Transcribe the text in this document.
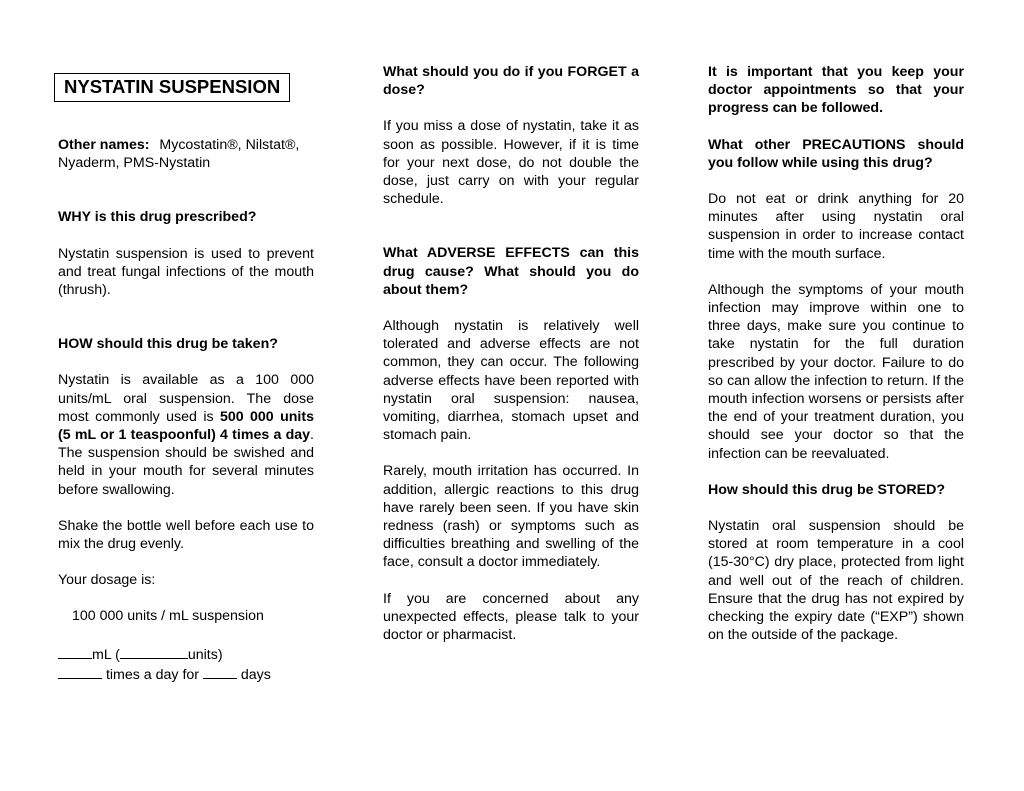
NYSTATIN SUSPENSION

Other names: Mycostatin®, Nilstat®, Nyaderm, PMS-Nystatin

WHY is this drug prescribed?

Nystatin suspension is used to prevent and treat fungal infections of the mouth (thrush).

HOW should this drug be taken?

Nystatin is available as a 100 000 units/mL oral suspension. The dose most commonly used is 500 000 units (5 mL or 1 teaspoonful) 4 times a day. The suspension should be swished and held in your mouth for several minutes before swallowing.

Shake the bottle well before each use to mix the drug evenly.

Your dosage is:

100 000 units / mL suspension

mL (	units)

times a day for	days

What should you do if you FORGET a dose?

If you miss a dose of nystatin, take it as soon as possible. However, if it is time for your next dose, do not double the dose, just carry on with your regular schedule.

What ADVERSE EFFECTS can this drug cause? What should you do about them?

Although nystatin is relatively well tolerated and adverse effects are not common, they can occur. The following adverse effects have been reported with nystatin oral suspension: nausea, vomiting, diarrhea, stomach upset and stomach pain.

Rarely, mouth irritation has occurred. In addition, allergic reactions to this drug have rarely been seen. If you have skin redness (rash) or symptoms such as difficulties breathing and swelling of the face, consult a doctor immediately.

If you are concerned about any unexpected effects, please talk to your doctor or pharmacist.

It is important that you keep your doctor appointments so that your progress can be followed.

What other PRECAUTIONS should you follow while using this drug?

Do not eat or drink anything for 20 minutes after using nystatin oral suspension in order to increase contact time with the mouth surface.

Although the symptoms of your mouth infection may improve within one to three days, make sure you continue to take nystatin for the full duration prescribed by your doctor. Failure to do so can allow the infection to return. If the mouth infection worsens or persists after the end of your treatment duration, you should see your doctor so that the infection can be reevaluated.

How should this drug be STORED?

Nystatin oral suspension should be stored at room temperature in a cool (15-30°C) dry place, protected from light and well out of the reach of children. Ensure that the drug has not expired by checking the expiry date (“EXP”) shown on the outside of the package.
